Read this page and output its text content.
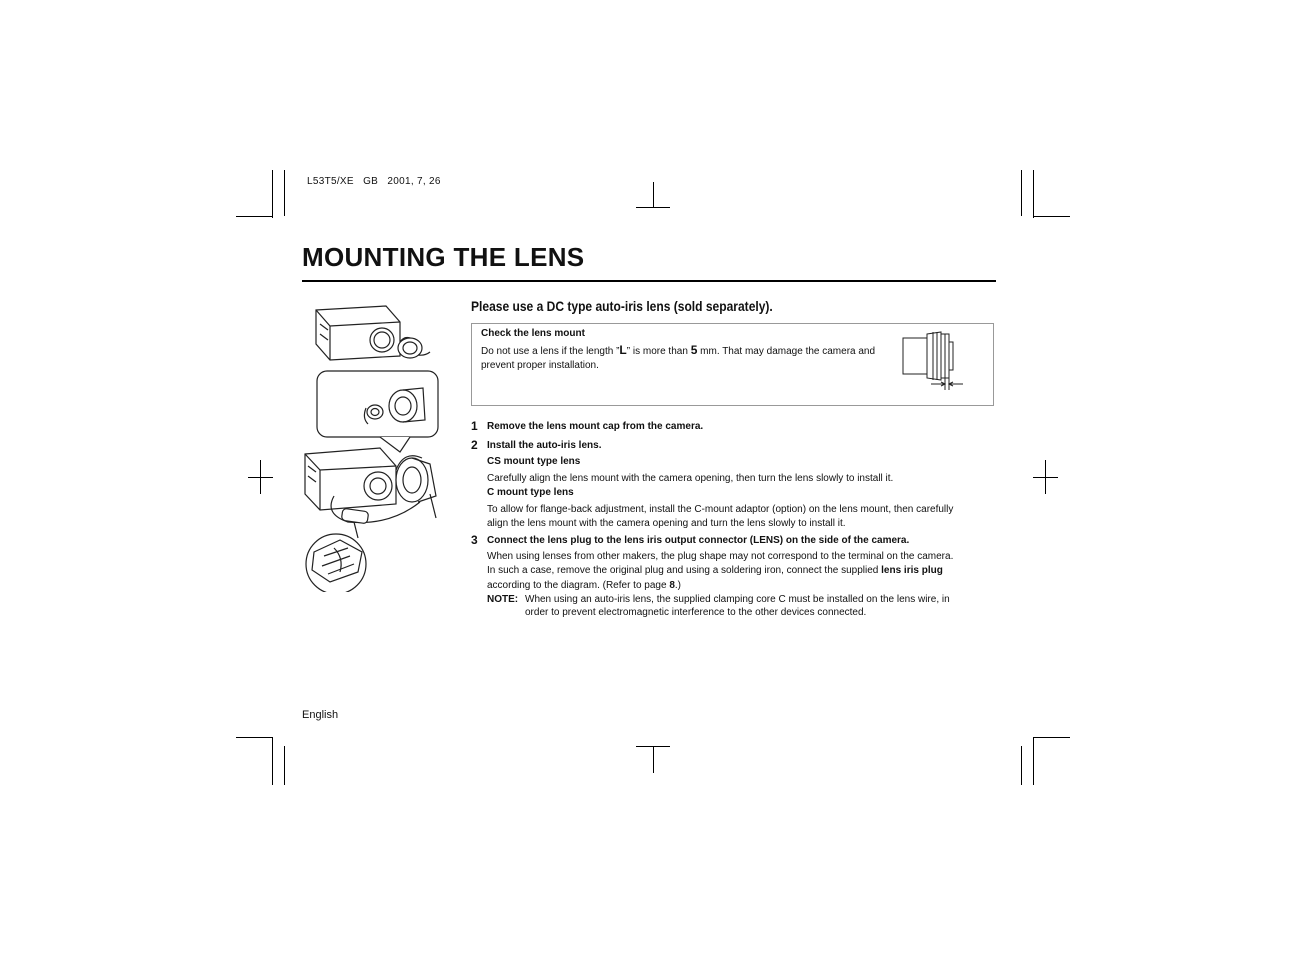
L53T5/XE   GB   2001, 7, 26
MOUNTING THE LENS
Please use a DC type auto-iris lens (sold separately).
Check the lens mount
Do not use a lens if the length ”L” is more than 5 mm. That may damage the camera and prevent proper installation.
1 Remove the lens mount cap from the camera.
2 Install the auto-iris lens.
CS mount type lens
Carefully align the lens mount with the camera opening, then turn the lens slowly to install it.
C mount type lens
To allow for flange-back adjustment, install the C-mount adaptor (option) on the lens mount, then carefully
align the lens mount with the camera opening and turn the lens slowly to install it.
3 Connect the lens plug to the lens iris output connector (LENS) on the side of the camera.
When using lenses from other makers, the plug shape may not correspond to the terminal on the camera.
In such a case, remove the original plug and using a soldering iron, connect the supplied lens iris plug
according to the diagram. (Refer to page 8.)
NOTE: When using an auto-iris lens, the supplied clamping core C must be installed on the lens wire, in
order to prevent electromagnetic interference to the other devices connected.
English
